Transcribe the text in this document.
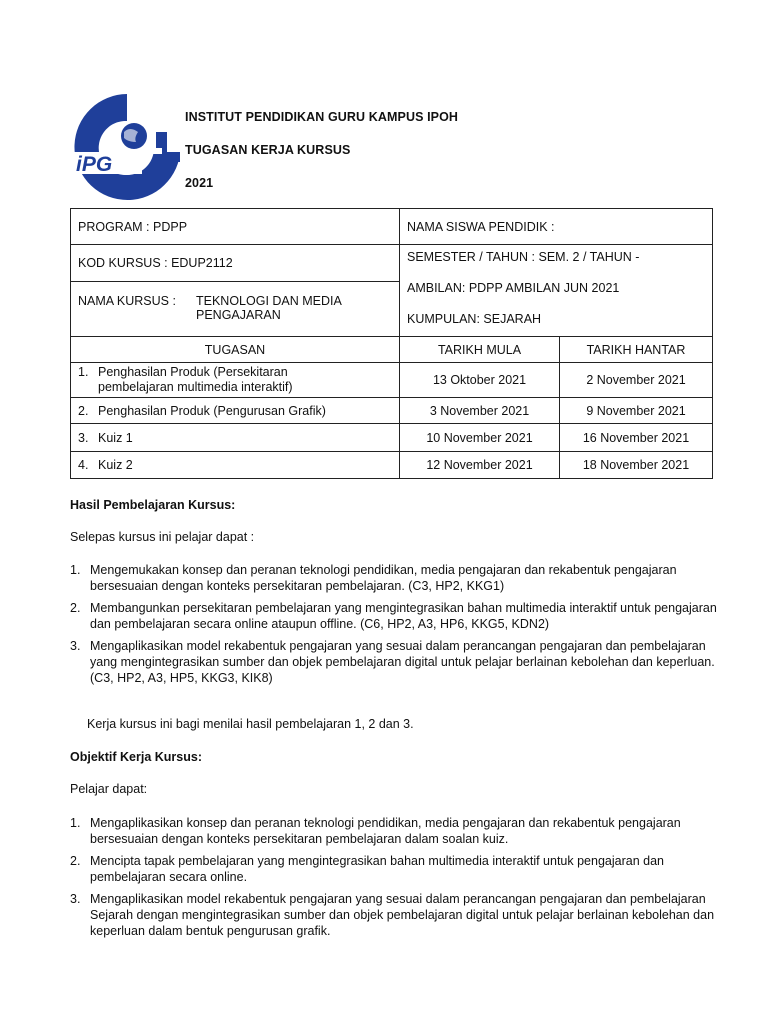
iPG
INSTITUT PENDIDIKAN GURU KAMPUS IPOH
TUGASAN KERJA KURSUS
2021
PROGRAM : PDPP	NAMA SISWA PENDIDIK :	
KOD KURSUS : EDUP2112	SEMESTER / TAHUN : SEM. 2 / TAHUN -
AMBILAN: PDPP AMBILAN JUN 2021
KUMPULAN: SEJARAH	

NAMA KURSUS : TEKNOLOGI DAN MEDIA
PENGAJARAN		

TUGASAN	TARIKH MULA	TARIKH HANTAR

1. Penghasilan Produk (Persekitaran
pembelajaran multimedia interaktif)	13 Oktober 2021	2 November 2021

2. Penghasilan Produk (Pengurusan Grafik)	3 November 2021	9 November 2021

3. Kuiz 1	10 November 2021	16 November 2021

4. Kuiz 2	12 November 2021	18 November 2021
Hasil Pembelajaran Kursus:
Selepas kursus ini pelajar dapat :
1. Mengemukakan konsep dan peranan teknologi pendidikan, media pengajaran dan rekabentuk pengajaran bersesuaian dengan konteks persekitaran pembelajaran. (C3, HP2, KKG1)
2. Membangunkan persekitaran pembelajaran yang mengintegrasikan bahan multimedia interaktif untuk pengajaran dan pembelajaran secara online ataupun offline. (C6, HP2, A3, HP6, KKG5, KDN2)
3. Mengaplikasikan model rekabentuk pengajaran yang sesuai dalam perancangan pengajaran dan pembelajaran yang mengintegrasikan sumber dan objek pembelajaran digital untuk pelajar berlainan kebolehan dan keperluan. (C3, HP2, A3, HP5, KKG3, KIK8)
Kerja kursus ini bagi menilai hasil pembelajaran 1, 2 dan 3.
Objektif Kerja Kursus:
Pelajar dapat:
1. Mengaplikasikan konsep dan peranan teknologi pendidikan, media pengajaran dan rekabentuk pengajaran bersesuaian dengan konteks persekitaran pembelajaran dalam soalan kuiz.
2. Mencipta tapak pembelajaran yang mengintegrasikan bahan multimedia interaktif untuk pengajaran dan pembelajaran secara online.
3. Mengaplikasikan model rekabentuk pengajaran yang sesuai dalam perancangan pengajaran dan pembelajaran Sejarah dengan mengintegrasikan sumber dan objek pembelajaran digital untuk pelajar berlainan kebolehan dan keperluan dalam bentuk pengurusan grafik.
